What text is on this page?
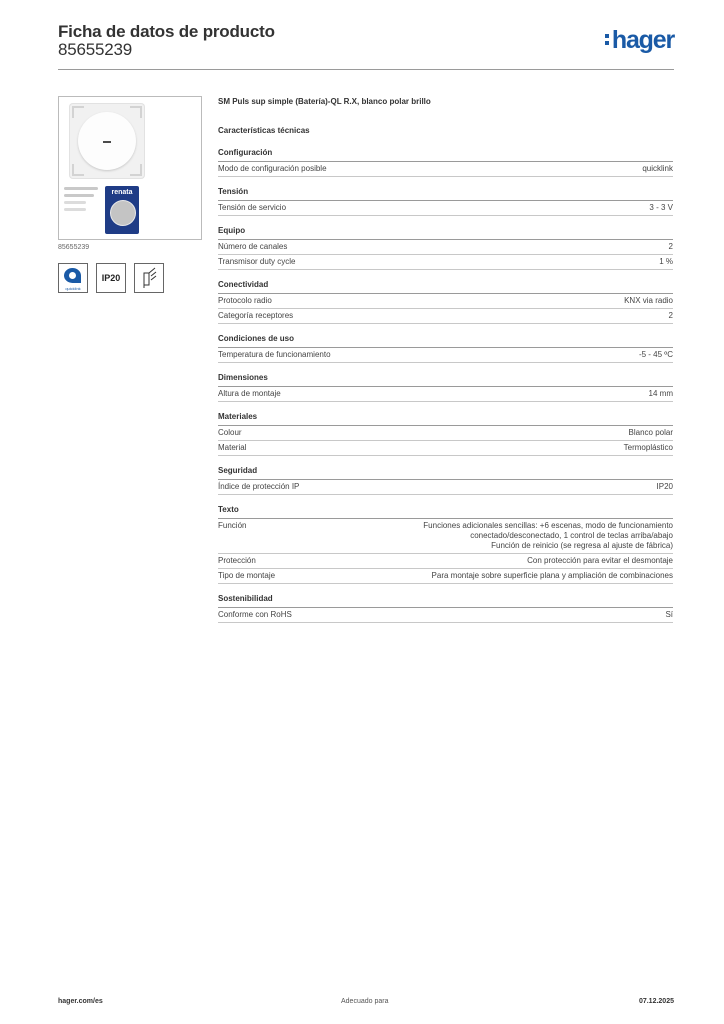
Ficha de datos de producto
85655239	hager
renata
85655239
quicklink
IP20
SM Puls sup simple (Batería)-QL R.X, blanco polar brillo
Características técnicas
Configuración
Modo de configuración posible	quicklink
Tensión
Tensión de servicio	3 - 3 V
Equipo
Número de canales	2
Transmisor duty cycle	1 %
Conectividad
Protocolo radio	KNX via radio
Categoría receptores	2
Condiciones de uso
Temperatura de funcionamiento	-5 - 45 ºC
Dimensiones
Altura de montaje	14 mm
Materiales
Colour	Blanco polar
Material	Termoplástico
Seguridad
Índice de protección IP	IP20
Texto
Función	Funciones adicionales sencillas: +6 escenas, modo de funcionamiento
conectado/desconectado, 1 control de teclas arriba/abajo
Función de reinicio (se regresa al ajuste de fábrica)
Protección	Con protección para evitar el desmontaje
Tipo de montaje	Para montaje sobre superficie plana y ampliación de combinaciones
Sostenibilidad
Conforme con RoHS	Sí
hager.com/es	Adecuado para	07.12.2025
